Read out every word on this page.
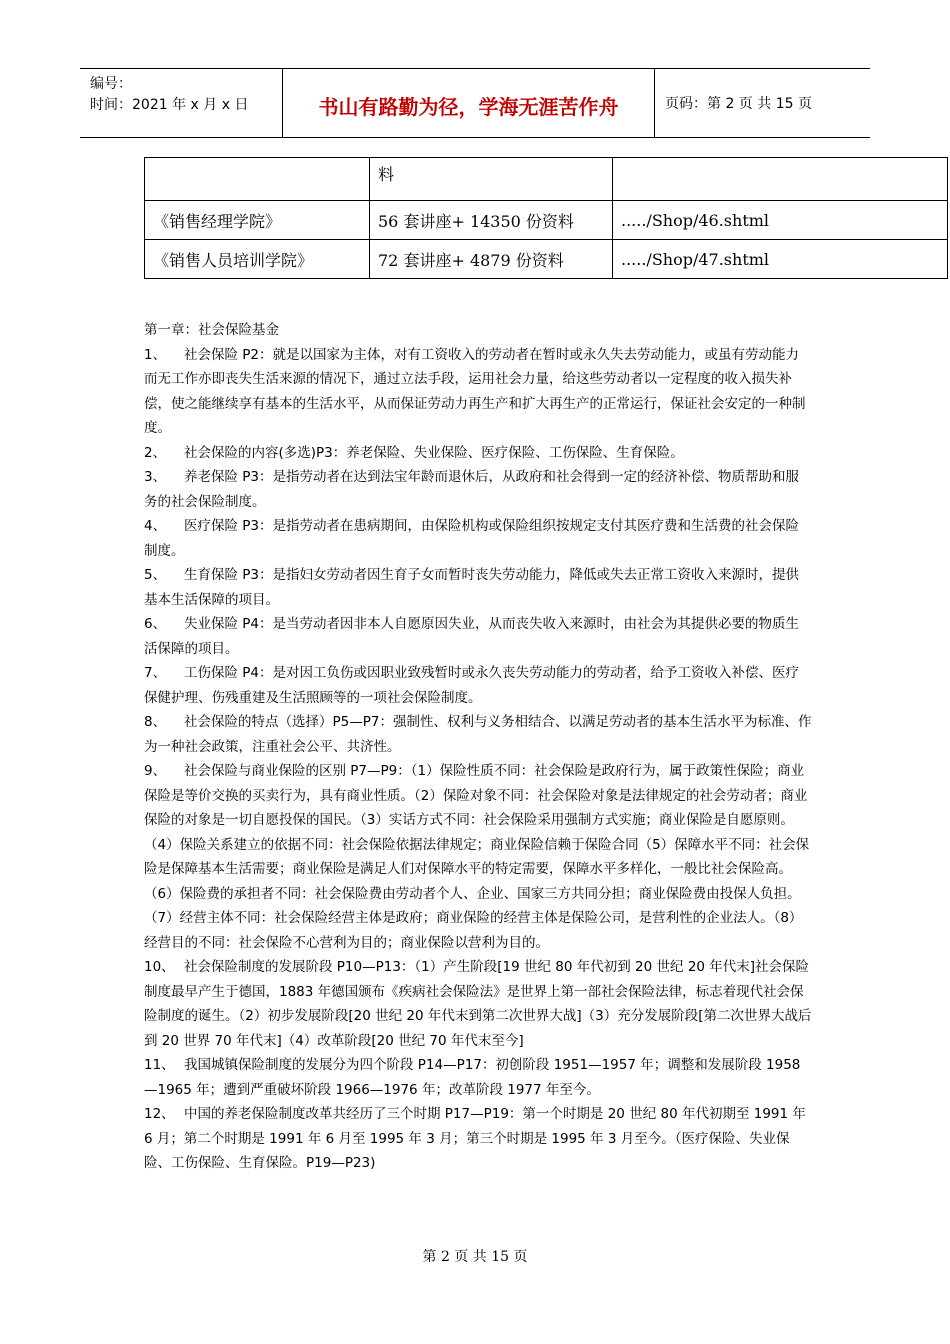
编号：
时间：2021 年 x 月 x 日	书山有路勤为径，学海无涯苦作舟	页码：第 2 页 共 15 页
	料	
《销售经理学院》	56 套讲座+ 14350 份资料	...../Shop/46.shtml
《销售人员培训学院》	72 套讲座+ 4879 份资料	...../Shop/47.shtml

第一章：社会保险基金

1、 社会保险 P2：就是以国家为主体，对有工资收入的劳动者在暂时或永久失去劳动能力，或虽有劳动能力而无工作亦即丧失生活来源的情况下，通过立法手段，运用社会力量，给这些劳动者以一定程度的收入损失补偿，使之能继续享有基本的生活水平，从而保证劳动力再生产和扩大再生产的正常运行，保证社会安定的一种制度。

2、 社会保险的内容(多选)P3：养老保险、失业保险、医疗保险、工伤保险、生育保险。

3、 养老保险 P3：是指劳动者在达到法宝年龄而退休后，从政府和社会得到一定的经济补偿、物质帮助和服务的社会保险制度。

4、 医疗保险 P3：是指劳动者在患病期间，由保险机构或保险组织按规定支付其医疗费和生活费的社会保险制度。

5、 生育保险 P3：是指妇女劳动者因生育子女而暂时丧失劳动能力，降低或失去正常工资收入来源时，提供基本生活保障的项目。

6、 失业保险 P4：是当劳动者因非本人自愿原因失业，从而丧失收入来源时，由社会为其提供必要的物质生活保障的项目。

7、 工伤保险 P4：是对因工负伤或因职业致残暂时或永久丧失劳动能力的劳动者，给予工资收入补偿、医疗保健护理、伤残重建及生活照顾等的一项社会保险制度。

8、 社会保险的特点（选择）P5—P7：强制性、权利与义务相结合、以满足劳动者的基本生活水平为标准、作为一种社会政策，注重社会公平、共济性。

9、 社会保险与商业保险的区别 P7—P9：（1）保险性质不同：社会保险是政府行为，属于政策性保险；商业保险是等价交换的买卖行为，具有商业性质。（2）保险对象不同：社会保险对象是法律规定的社会劳动者；商业保险的对象是一切自愿投保的国民。（3）实话方式不同：社会保险采用强制方式实施；商业保险是自愿原则。（4）保险关系建立的依据不同：社会保险依据法律规定；商业保险信赖于保险合同（5）保障水平不同：社会保险是保障基本生活需要；商业保险是满足人们对保障水平的特定需要，保障水平多样化，一般比社会保险高。（6）保险费的承担者不同：社会保险费由劳动者个人、企业、国家三方共同分担；商业保险费由投保人负担。（7）经营主体不同：社会保险经营主体是政府；商业保险的经营主体是保险公司，是营利性的企业法人。（8）经营目的不同：社会保险不心营利为目的；商业保险以营利为目的。

10、 社会保险制度的发展阶段 P10—P13：（1）产生阶段[19 世纪 80 年代初到 20 世纪 20 年代末]社会保险制度最早产生于德国，1883 年德国颁布《疾病社会保险法》是世界上第一部社会保险法律，标志着现代社会保险制度的诞生。（2）初步发展阶段[20 世纪 20 年代末到第二次世界大战]（3）充分发展阶段[第二次世界大战后到 20 世界 70 年代末]（4）改革阶段[20 世纪 70 年代末至今]

11、 我国城镇保险制度的发展分为四个阶段 P14—P17：初创阶段 1951—1957 年；调整和发展阶段 1958—1965 年；遭到严重破坏阶段 1966—1976 年；改革阶段 1977 年至今。

12、 中国的养老保险制度改革共经历了三个时期 P17—P19：第一个时期是 20 世纪 80 年代初期至 1991 年 6 月；第二个时期是 1991 年 6 月至 1995 年 3 月；第三个时期是 1995 年 3 月至今。（医疗保险、失业保险、工伤保险、生育保险。P19—P23)

第 2 页 共 15 页
